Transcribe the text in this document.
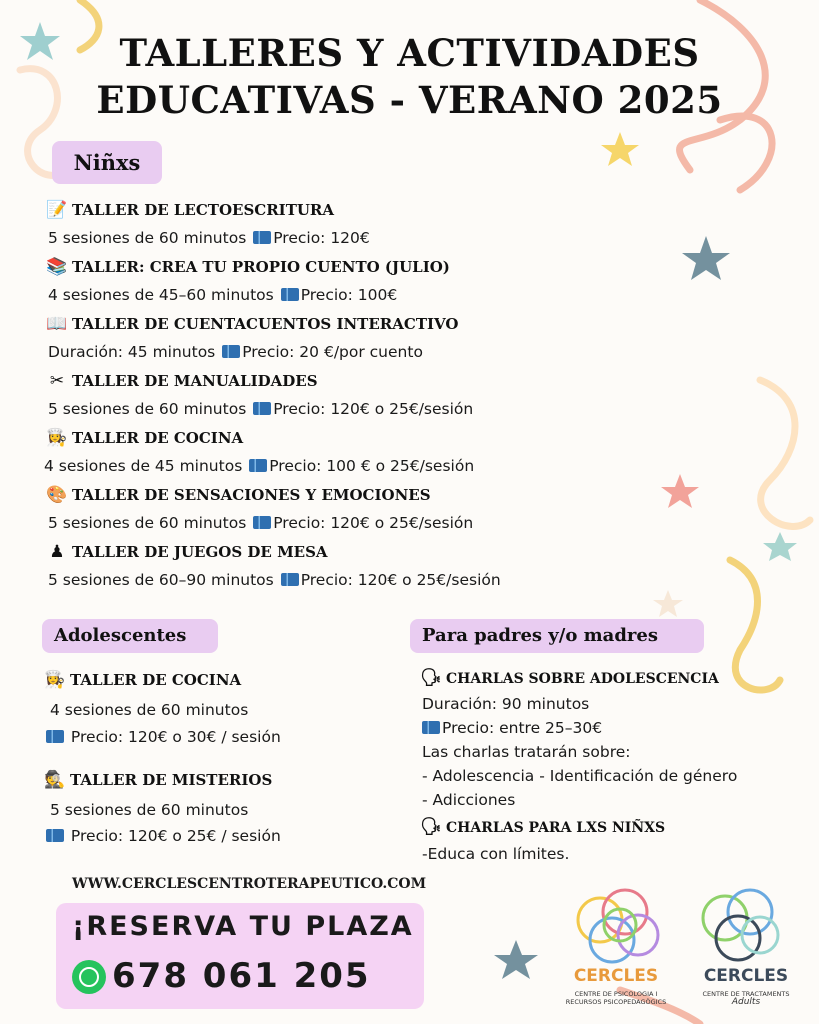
TALLERES Y ACTIVIDADES
EDUCATIVAS - VERANO 2025
Niñxs
📝 TALLER DE LECTOESCRITURA
5 sesiones de 60 minutos Precio: 120€
📚 TALLER: CREA TU PROPIO CUENTO (JULIO)
4 sesiones de 45–60 minutos Precio: 100€
📖 TALLER DE CUENTACUENTOS INTERACTIVO
Duración: 45 minutos Precio: 20 €/por cuento
✂ TALLER DE MANUALIDADES
5 sesiones de 60 minutos Precio: 120€ o 25€/sesión
👩‍🍳 TALLER DE COCINA
4 sesiones de 45 minutos Precio: 100 € o 25€/sesión
🎨 TALLER DE SENSACIONES Y EMOCIONES
5 sesiones de 60 minutos Precio: 120€ o 25€/sesión
♟ TALLER DE JUEGOS DE MESA
5 sesiones de 60–90 minutos Precio: 120€ o 25€/sesión
Adolescentes
👩‍🍳 TALLER DE COCINA
4 sesiones de 60 minutos
Precio: 120€ o 30€ / sesión
🕵 TALLER DE MISTERIOS
5 sesiones de 60 minutos
Precio: 120€ o 25€ / sesión
Para padres y/o madres
🗣 CHARLAS SOBRE ADOLESCENCIA
Duración: 90 minutos
Precio: entre 25–30€
Las charlas tratarán sobre:
- Adolescencia - Identificación de género
- Adicciones
🗣 CHARLAS PARA LXS NIÑXS
-Educa con límites.
WWW.CERCLESCENTROTERAPEUTICO.COM
¡RESERVA TU PLAZA
678 061 205	CERCLES
CENTRE DE PSICOLOGIA I
RECURSOS PSICOPEDAGÒGICS
CERCLES
CENTRE DE TRACTAMENTS
Adults
